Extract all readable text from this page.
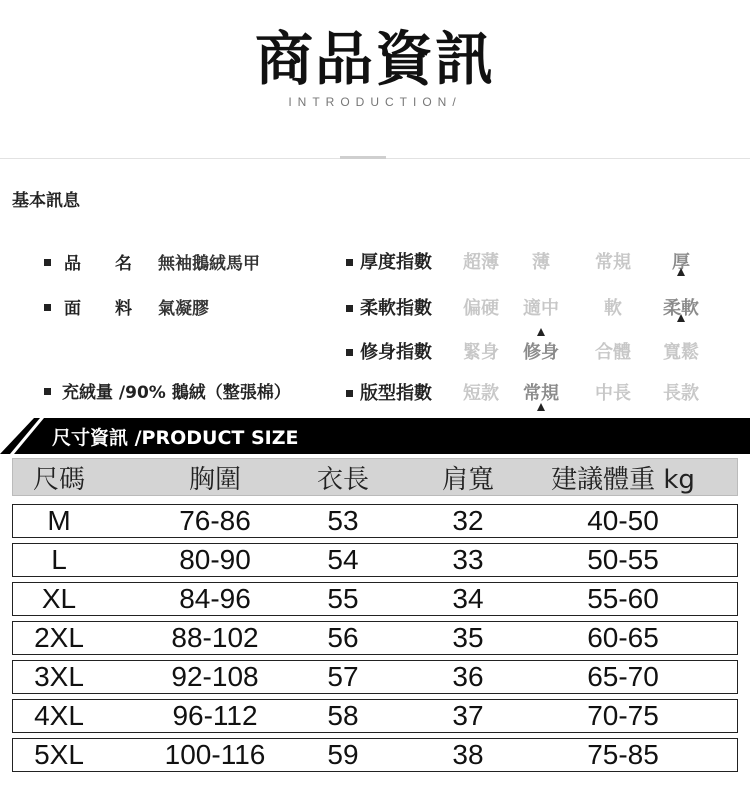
商品資訊
INTRODUCTION/
基本訊息
品　　名 無袖鵝絨馬甲
面　　料 氣凝膠
充絨量 /90% 鵝絨（整張棉）
厚度指數	超薄	薄	常規	厚
柔軟指數	偏硬	適中	軟	柔軟
修身指數	緊身	修身	合體	寬鬆
版型指數	短款	常規	中長	長款
尺寸資訊 /PRODUCT SIZE
尺碼	胸圍	衣長	肩寬	建議體重 kg
M	76-86	53	32	40-50
L	80-90	54	33	50-55
XL	84-96	55	34	55-60
2XL	88-102	56	35	60-65
3XL	92-108	57	36	65-70
4XL	96-112	58	37	70-75
5XL	100-116	59	38	75-85
